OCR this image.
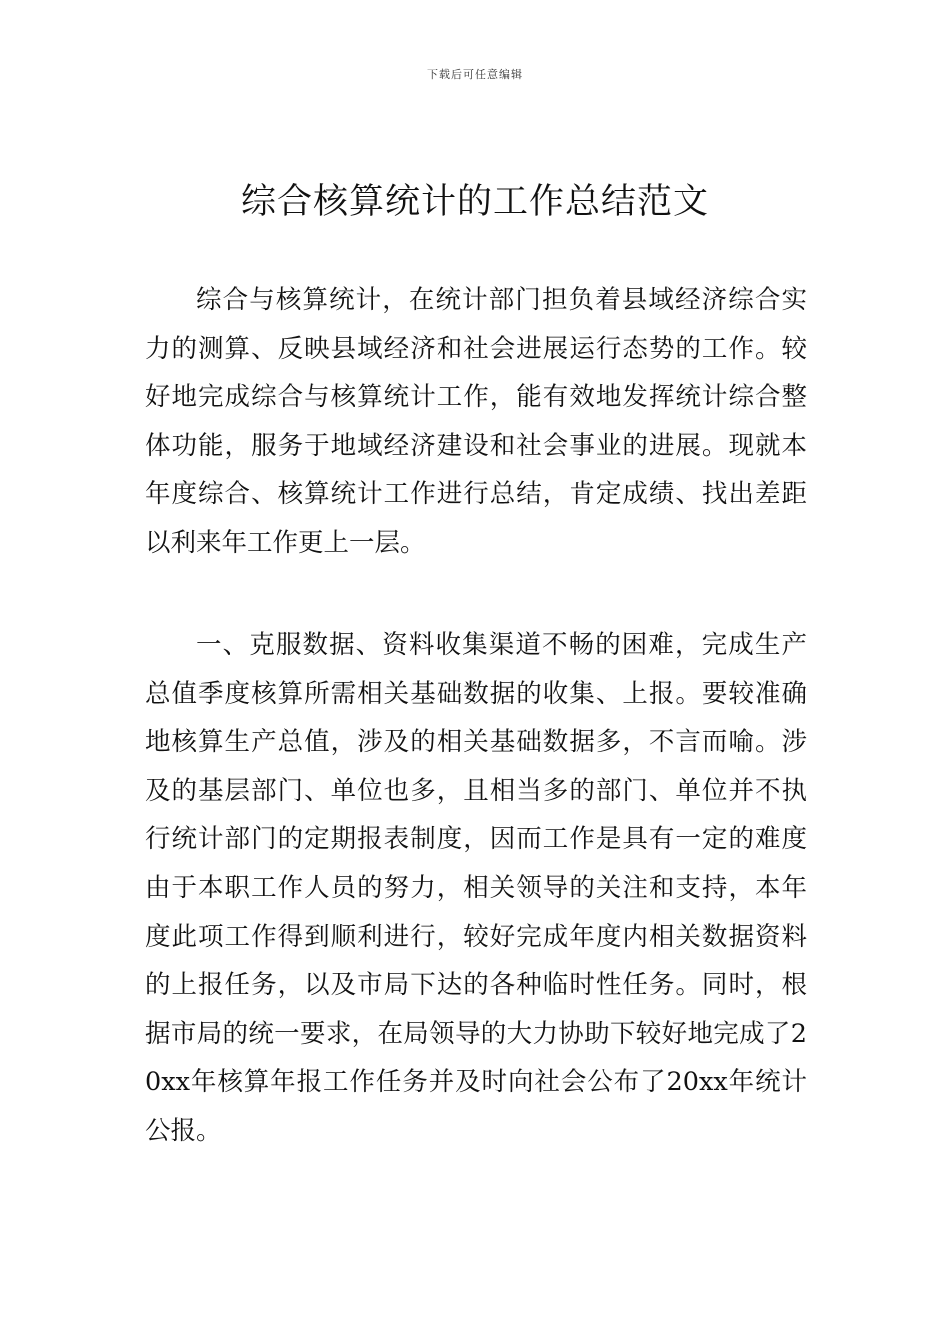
下载后可任意编辑
综合核算统计的工作总结范文

综合与核算统计，在统计部门担负着县域经济综合实力的测算、反映县域经济和社会进展运行态势的工作。较好地完成综合与核算统计工作，能有效地发挥统计综合整体功能，服务于地域经济建设和社会事业的进展。现就本年度综合、核算统计工作进行总结，肯定成绩、找出差距以利来年工作更上一层。

一、克服数据、资料收集渠道不畅的困难，完成生产总值季度核算所需相关基础数据的收集、上报。要较准确地核算生产总值，涉及的相关基础数据多，不言而喻。涉及的基层部门、单位也多，且相当多的部门、单位并不执行统计部门的定期报表制度，因而工作是具有一定的难度由于本职工作人员的努力，相关领导的关注和支持，本年度此项工作得到顺利进行，较好完成年度内相关数据资料的上报任务，以及市局下达的各种临时性任务。同时，根据市局的统一要求，在局领导的大力协助下较好地完成了20xx年核算年报工作任务并及时向社会公布了20xx年统计公报。
